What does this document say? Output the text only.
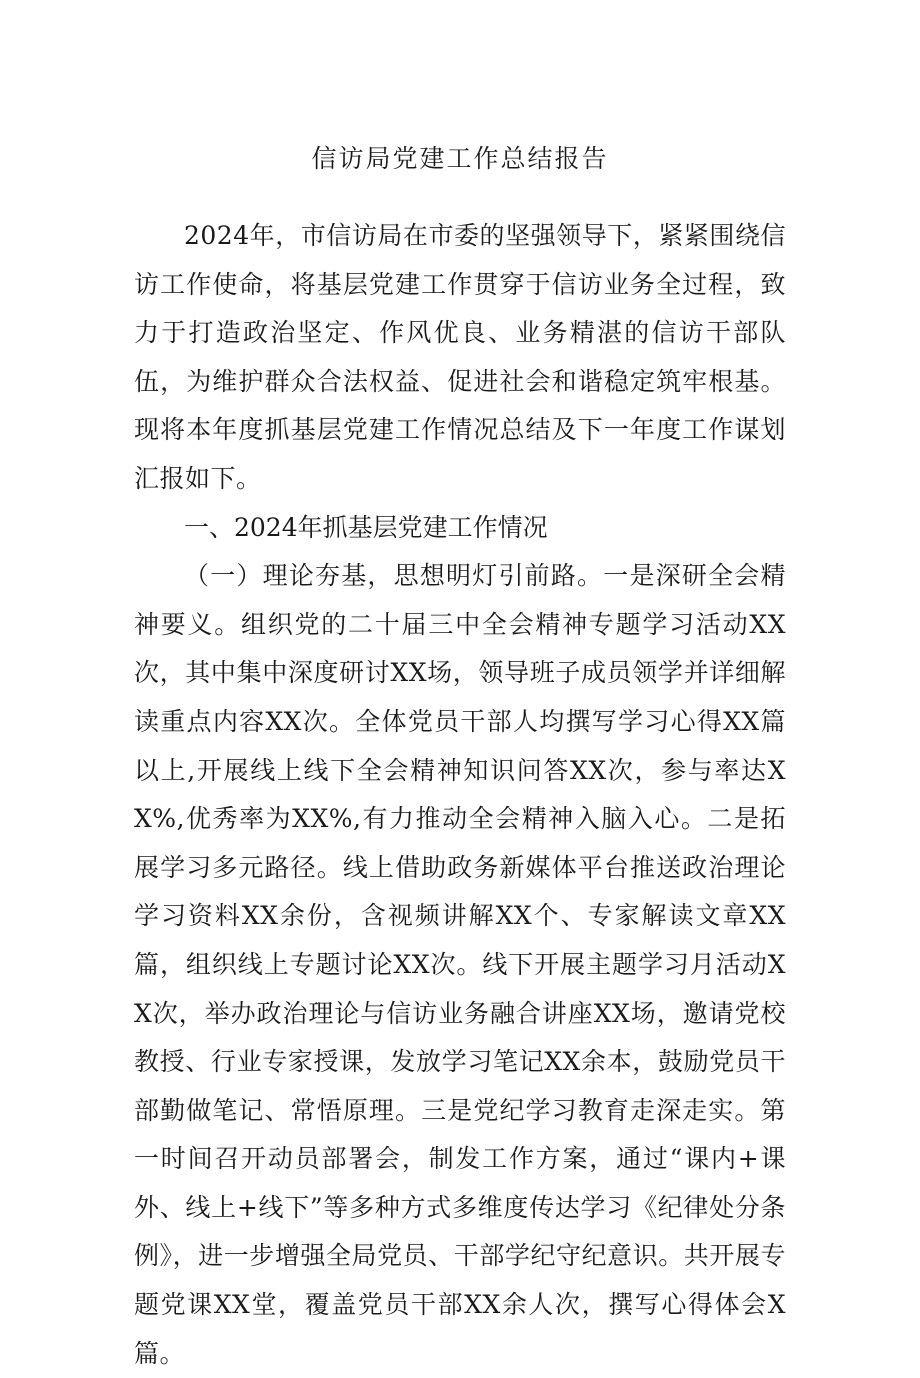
信访局党建工作总结报告

2024年，市信访局在市委的坚强领导下，紧紧围绕信访工作使命，将基层党建工作贯穿于信访业务全过程，致力于打造政治坚定、作风优良、业务精湛的信访干部队伍，为维护群众合法权益、促进社会和谐稳定筑牢根基。现将本年度抓基层党建工作情况总结及下一年度工作谋划汇报如下。

一、2024年抓基层党建工作情况

（一）理论夯基，思想明灯引前路。一是深研全会精神要义。组织党的二十届三中全会精神专题学习活动XX次，其中集中深度研讨XX场，领导班子成员领学并详细解读重点内容XX次。全体党员干部人均撰写学习心得XX篇以上,开展线上线下全会精神知识问答XX次，参与率达XX%,优秀率为XX%,有力推动全会精神入脑入心。二是拓展学习多元路径。线上借助政务新媒体平台推送政治理论学习资料XX余份，含视频讲解XX个、专家解读文章XX篇，组织线上专题讨论XX次。线下开展主题学习月活动XX次，举办政治理论与信访业务融合讲座XX场，邀请党校教授、行业专家授课，发放学习笔记XX余本，鼓励党员干部勤做笔记、常悟原理。三是党纪学习教育走深走实。第一时间召开动员部署会，制发工作方案，通过“课内+课外、线上+线下”等多种方式多维度传达学习《纪律处分条例》，进一步增强全局党员、干部学纪守纪意识。共开展专题党课XX堂，覆盖党员干部XX余人次，撰写心得体会X篇。
